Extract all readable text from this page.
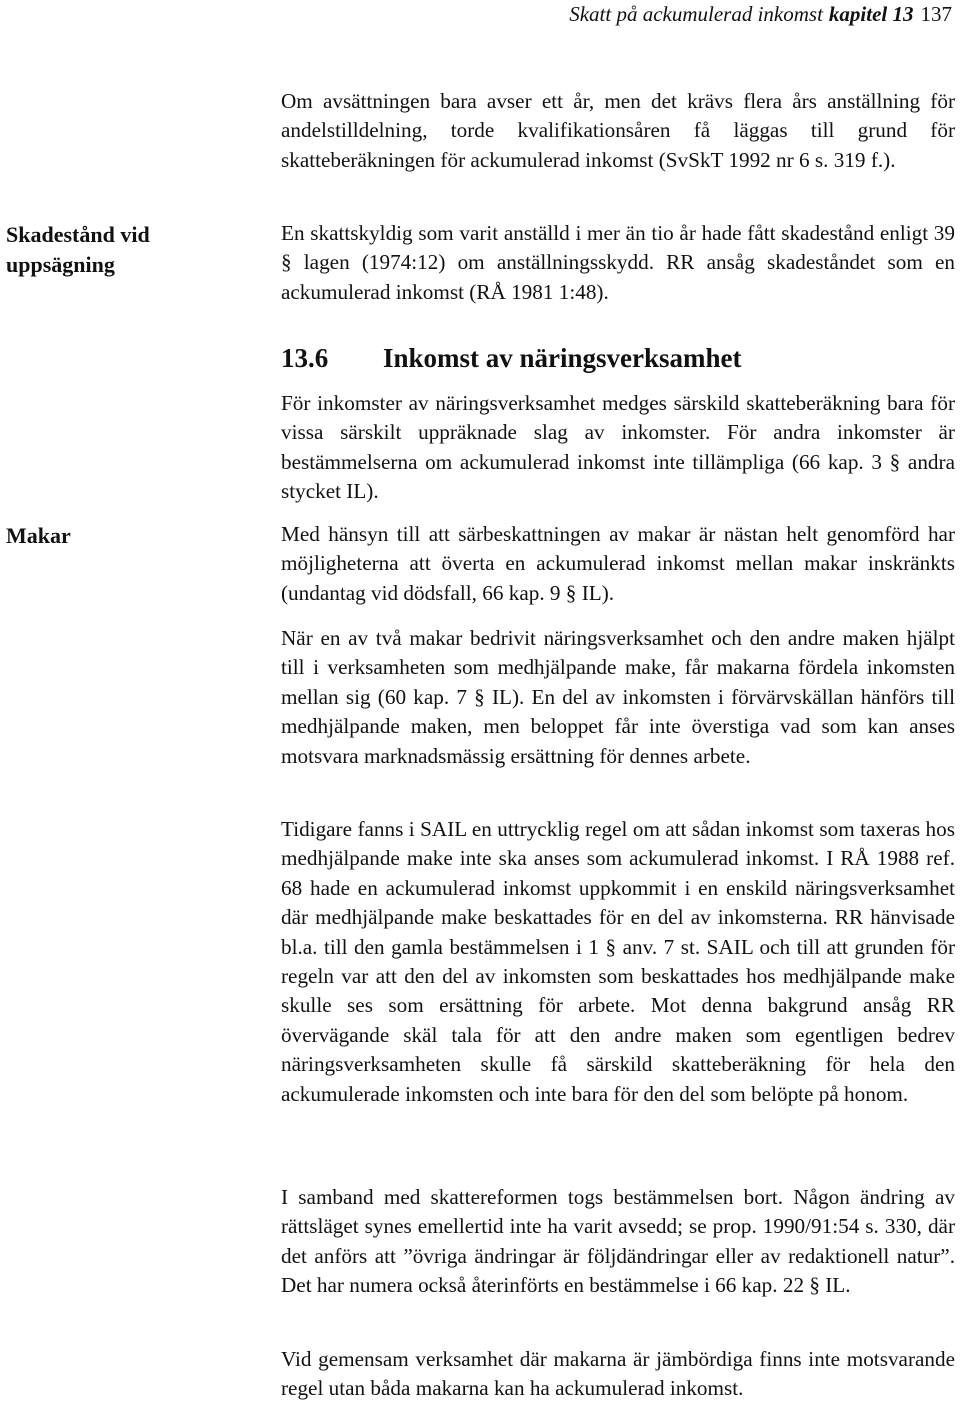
Skatt på ackumulerad inkomst kapitel 13 137

Om avsättningen bara avser ett år, men det krävs flera års anställning för andelstilldelning, torde kvalifikationsåren få läggas till grund för skatteberäkningen för ackumulerad inkomst (SvSkT 1992 nr 6 s. 319 f.).

Skadestånd vid uppsägning

En skattskyldig som varit anställd i mer än tio år hade fått skadestånd enligt 39 § lagen (1974:12) om anställningsskydd. RR ansåg skadeståndet som en ackumulerad inkomst (RÅ 1981 1:48).

13.6 Inkomst av näringsverksamhet

För inkomster av näringsverksamhet medges särskild skatteberäkning bara för vissa särskilt uppräknade slag av inkomster. För andra inkomster är bestämmelserna om ackumulerad inkomst inte tillämpliga (66 kap. 3 § andra stycket IL).

Makar	Med hänsyn till att särbeskattningen av makar är nästan helt genomförd har möjligheterna att överta en ackumulerad inkomst mellan makar inskränkts (undantag vid dödsfall, 66 kap. 9 § IL).

När en av två makar bedrivit näringsverksamhet och den andre maken hjälpt till i verksamheten som medhjälpande make, får makarna fördela inkomsten mellan sig (60 kap. 7 § IL). En del av inkomsten i förvärvskällan hänförs till medhjälpande maken, men beloppet får inte överstiga vad som kan anses motsvara marknadsmässig ersättning för dennes arbete.

Tidigare fanns i SAIL en uttrycklig regel om att sådan inkomst som taxeras hos medhjälpande make inte ska anses som ackumulerad inkomst. I RÅ 1988 ref. 68 hade en ackumulerad inkomst uppkommit i en enskild näringsverksamhet där medhjälpande make beskattades för en del av inkomsterna. RR hänvisade bl.a. till den gamla bestämmelsen i 1 § anv. 7 st. SAIL och till att grunden för regeln var att den del av inkomsten som beskattades hos medhjälpande make skulle ses som ersättning för arbete. Mot denna bakgrund ansåg RR övervägande skäl tala för att den andre maken som egentligen bedrev näringsverksamheten skulle få särskild skatteberäkning för hela den ackumulerade inkomsten och inte bara för den del som belöpte på honom.

I samband med skattereformen togs bestämmelsen bort. Någon ändring av rättsläget synes emellertid inte ha varit avsedd; se prop. 1990/91:54 s. 330, där det anförs att ”övriga ändringar är följdändringar eller av redaktionell natur”. Det har numera också återinförts en bestämmelse i 66 kap. 22 § IL.

Vid gemensam verksamhet där makarna är jämbördiga finns inte motsvarande regel utan båda makarna kan ha ackumulerad inkomst.
